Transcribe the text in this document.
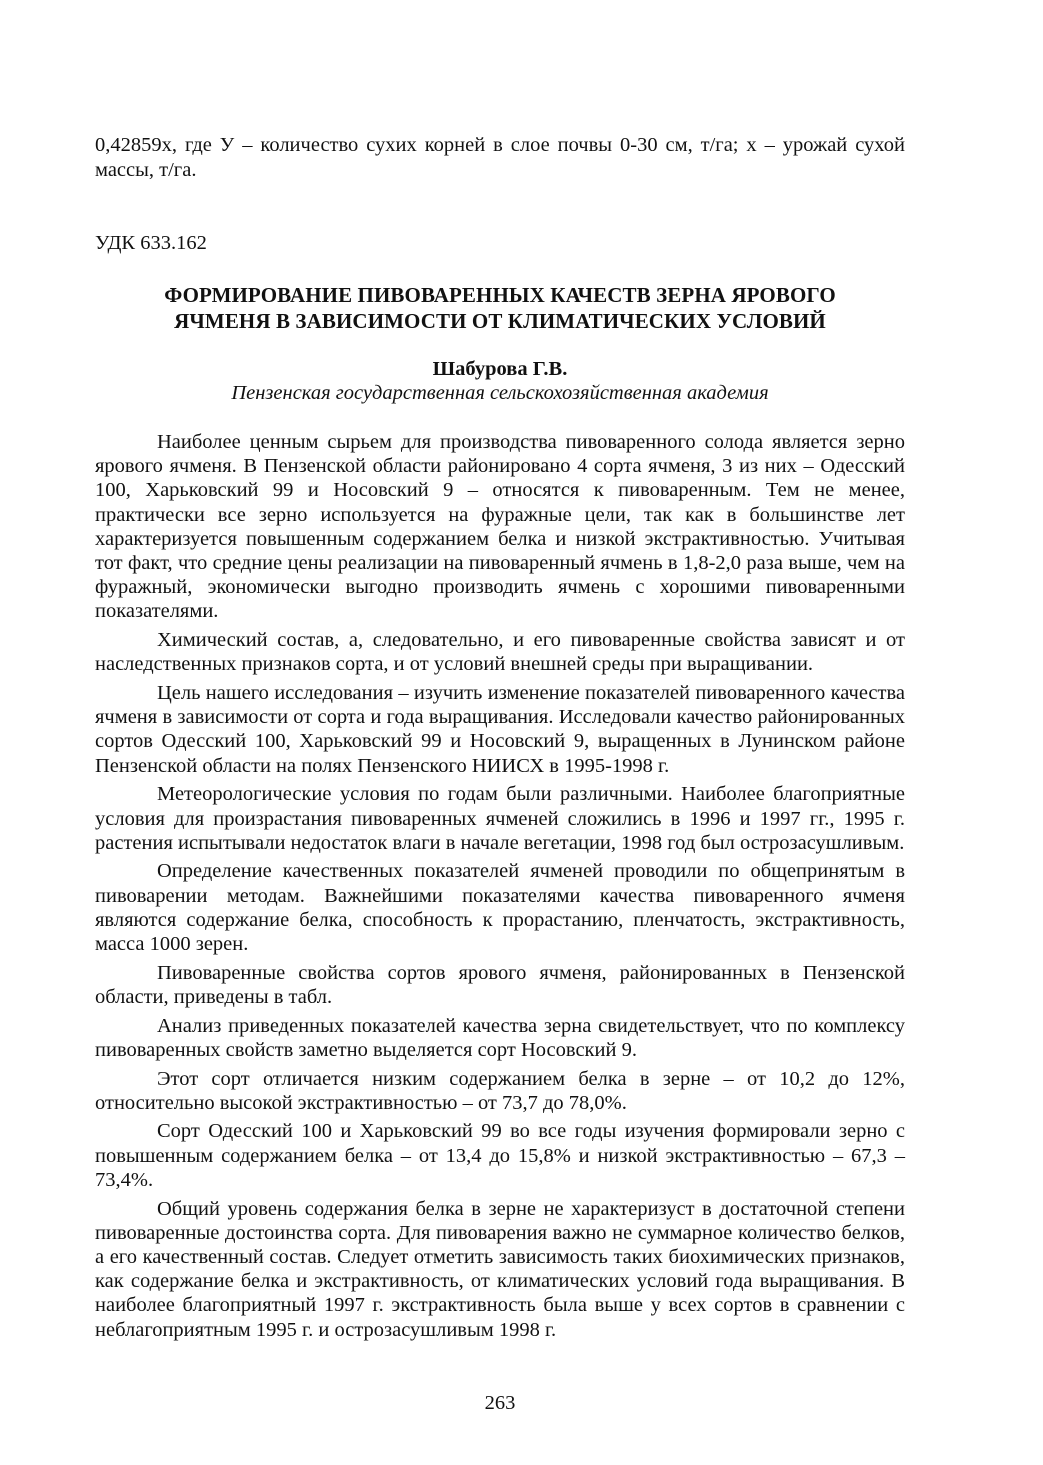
0,42859x, где У – количество сухих корней в слое почвы 0-30 см, т/га; х – урожай сухой массы, т/га.

УДК 633.162

ФОРМИРОВАНИЕ ПИВОВАРЕННЫХ КАЧЕСТВ ЗЕРНА ЯРОВОГО
ЯЧМЕНЯ В ЗАВИСИМОСТИ ОТ КЛИМАТИЧЕСКИХ УСЛОВИЙ

Шабурова Г.В.

Пензенская государственная сельскохозяйственная академия

Наиболее ценным сырьем для производства пивоваренного солода является зерно ярового ячменя. В Пензенской области районировано 4 сорта ячменя, 3 из них – Одесский 100, Харьковский 99 и Носовский 9 – относятся к пивоваренным. Тем не менее, практически все зерно используется на фуражные цели, так как в большинстве лет характеризуется повышенным содержанием белка и низкой экстрактивностью. Учитывая тот факт, что средние цены реализации на пивоваренный ячмень в 1,8-2,0 раза выше, чем на фуражный, экономически выгодно производить ячмень с хорошими пивоваренными показателями.

Химический состав, а, следовательно, и его пивоваренные свойства зависят и от наследственных признаков сорта, и от условий внешней среды при выращивании.

Цель нашего исследования – изучить изменение показателей пивоваренного качества ячменя в зависимости от сорта и года выращивания. Исследовали качество районированных сортов Одесский 100, Харьковский 99 и Носовский 9, выращенных в Лунинском районе Пензенской области на полях Пензенского НИИСХ в 1995-1998 г.

Метеорологические условия по годам были различными. Наиболее благоприятные условия для произрастания пивоваренных ячменей сложились в 1996 и 1997 гг., 1995 г. растения испытывали недостаток влаги в начале вегетации, 1998 год был острозасушливым.

Определение качественных показателей ячменей проводили по общепринятым в пивоварении методам. Важнейшими показателями качества пивоваренного ячменя являются содержание белка, способность к прорастанию, пленчатость, экстрактивность, масса 1000 зерен.

Пивоваренные свойства сортов ярового ячменя, районированных в Пензенской области, приведены в табл.

Анализ приведенных показателей качества зерна свидетельствует, что по комплексу пивоваренных свойств заметно выделяется сорт Носовский 9.

Этот сорт отличается низким содержанием белка в зерне – от 10,2 до 12%, относительно высокой экстрактивностью – от 73,7 до 78,0%.

Сорт Одесский 100 и Харьковский 99 во все годы изучения формировали зерно с повышенным содержанием белка – от 13,4 до 15,8% и низкой экстрактивностью – 67,3 – 73,4%.

Общий уровень содержания белка в зерне не характеризуст в достаточной степени пивоваренные достоинства сорта. Для пивоварения важно не суммарное количество белков, а его качественный состав. Следует отметить зависимость таких биохимических признаков, как содержание белка и экстрактивность, от климатических условий года выращивания. В наиболее благоприятный 1997 г. экстрактивность была выше у всех сортов в сравнении с неблагоприятным 1995 г. и острозасушливым 1998 г.

263
